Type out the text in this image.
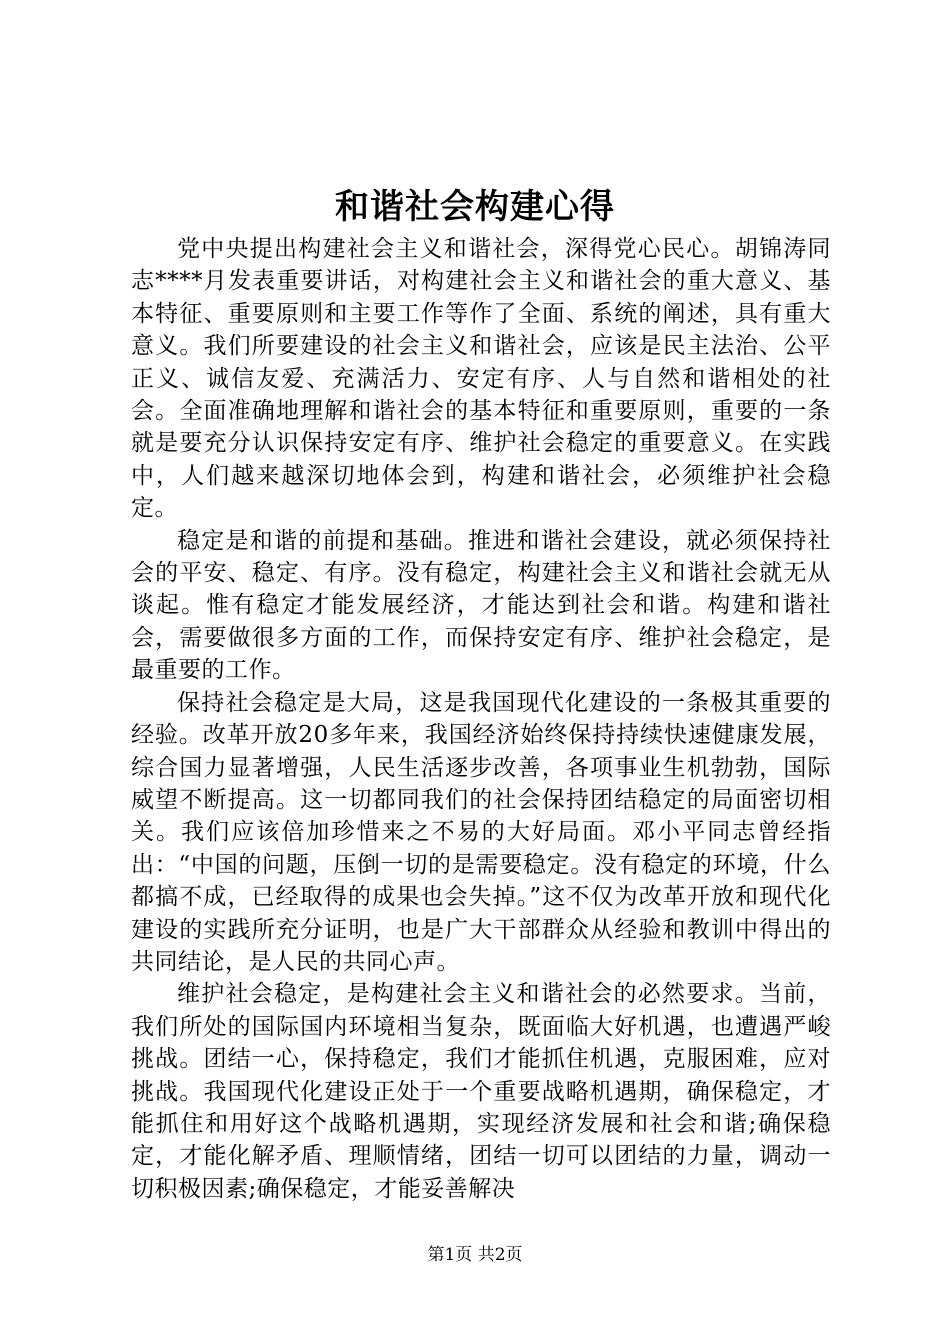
和谐社会构建心得

党中央提出构建社会主义和谐社会，深得党心民心。胡锦涛同志****月发表重要讲话，对构建社会主义和谐社会的重大意义、基本特征、重要原则和主要工作等作了全面、系统的阐述，具有重大意义。我们所要建设的社会主义和谐社会，应该是民主法治、公平正义、诚信友爱、充满活力、安定有序、人与自然和谐相处的社会。全面准确地理解和谐社会的基本特征和重要原则，重要的一条就是要充分认识保持安定有序、维护社会稳定的重要意义。在实践中，人们越来越深切地体会到，构建和谐社会，必须维护社会稳定。

稳定是和谐的前提和基础。推进和谐社会建设，就必须保持社会的平安、稳定、有序。没有稳定，构建社会主义和谐社会就无从谈起。惟有稳定才能发展经济，才能达到社会和谐。构建和谐社会，需要做很多方面的工作，而保持安定有序、维护社会稳定，是最重要的工作。

保持社会稳定是大局，这是我国现代化建设的一条极其重要的经验。改革开放20多年来，我国经济始终保持持续快速健康发展，综合国力显著增强，人民生活逐步改善，各项事业生机勃勃，国际威望不断提高。这一切都同我们的社会保持团结稳定的局面密切相关。我们应该倍加珍惜来之不易的大好局面。邓小平同志曾经指出：“中国的问题，压倒一切的是需要稳定。没有稳定的环境，什么都搞不成，已经取得的成果也会失掉。”这不仅为改革开放和现代化建设的实践所充分证明，也是广大干部群众从经验和教训中得出的共同结论，是人民的共同心声。

维护社会稳定，是构建社会主义和谐社会的必然要求。当前，我们所处的国际国内环境相当复杂，既面临大好机遇，也遭遇严峻挑战。团结一心，保持稳定，我们才能抓住机遇，克服困难，应对挑战。我国现代化建设正处于一个重要战略机遇期，确保稳定，才能抓住和用好这个战略机遇期，实现经济发展和社会和谐;确保稳定，才能化解矛盾、理顺情绪，团结一切可以团结的力量，调动一切积极因素;确保稳定，才能妥善解决

第1页 共2页
